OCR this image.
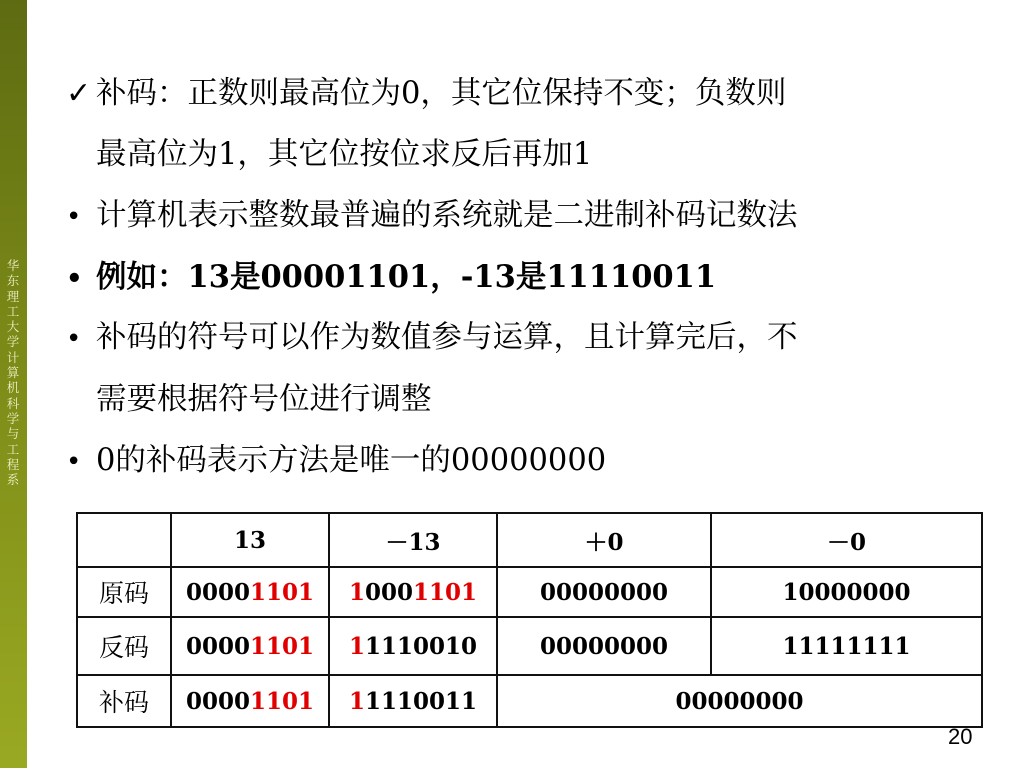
华东理工大学计算机科学与工程系
✓ 补码：正数则最高位为0，其它位保持不变；负数则
最高位为1，其它位按位求反后再加1
• 计算机表示整数最普遍的系统就是二进制补码记数法
• 例如：13是00001101，-13是11110011
• 补码的符号可以作为数值参与运算，且计算完后，不
需要根据符号位进行调整
• 0的补码表示方法是唯一的00000000
	13	－13	＋0	－0
原码	00001101	10001101	00000000	10000000
反码	00001101	11110010	00000000	11111111
补码	00001101	11110011	00000000	
20
